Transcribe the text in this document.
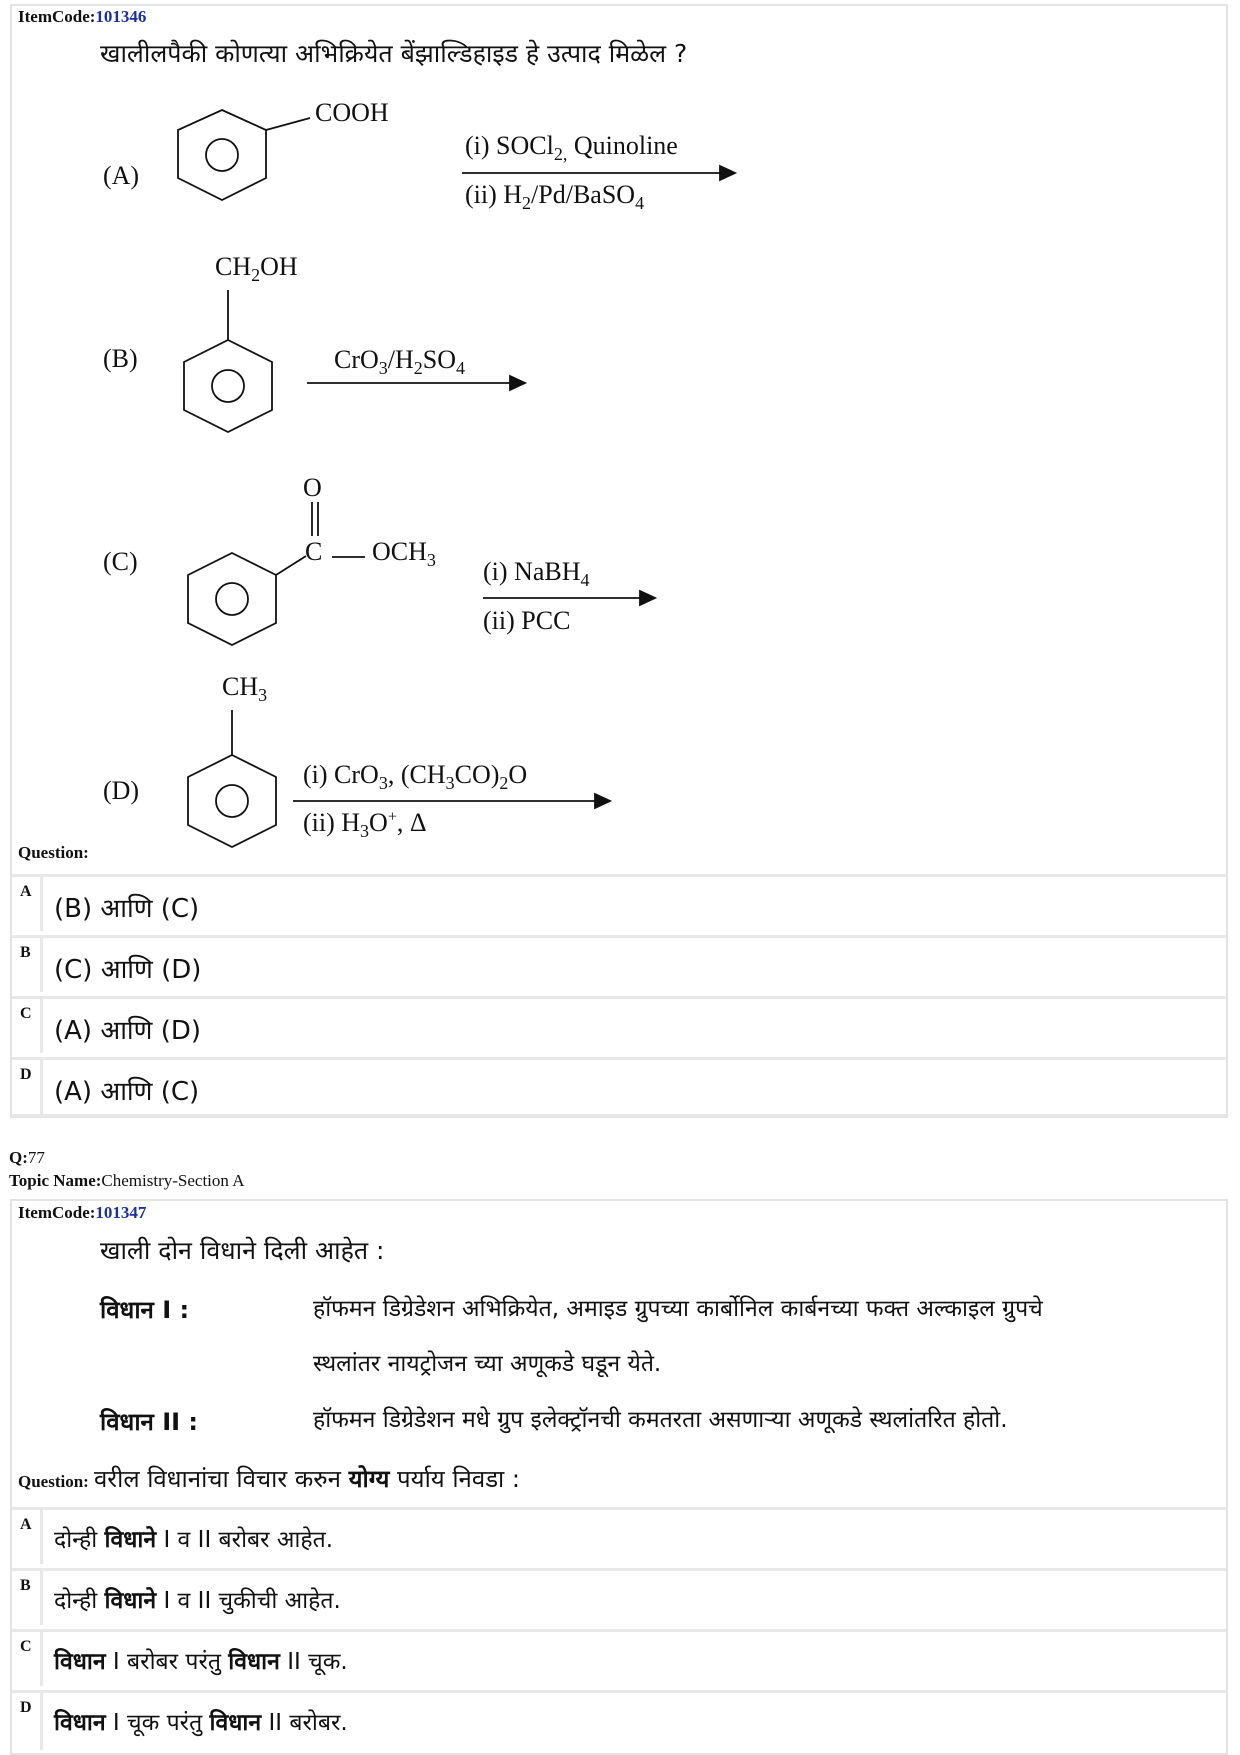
ItemCode:101346
खालीलपैकी कोणत्या अभिक्रियेत बेंझाल्डिहाइड हे उत्पाद मिळेल ?
(A)
COOH
(i) SOCl$_{2,}$ Quinoline
(ii) $H_2/Pd/BaSO_4$
(B)
$CH_2OH$
$CrO_3/H_2SO_4$
(C)
O
C $OCH_3$ (i) NaBH$_4$
(ii) PCC
(D)
$CH_3$
(i) CrO$_3$, $(CH_3CO)_2O$
(ii) $H_3O^+$, Δ
Question:
A
(B) आणि (C)
B
(C) आणि (D)
C
(A) आणि (D)
D
(A) आणि (C)
Q:77
Topic Name:Chemistry-Section A
ItemCode:101347
खाली दोन विधाने दिली आहेत :
विधान I :	हॉफमन डिग्रेडेशन अभिक्रियेत, अमाइड ग्रुपच्या कार्बोनिल कार्बनच्या फक्त अल्काइल ग्रुपचे
स्थलांतर नायट्रोजन च्या अणूकडे घडून येते.
विधान II :	हॉफमन डिग्रेडेशन मधे ग्रुप इलेक्ट्रॉनची कमतरता असणाऱ्या अणूकडे स्थलांतरित होतो.
Question: वरील विधानांचा विचार करुन योग्य पर्याय निवडा :
A
दोन्ही विधाने I व II बरोबर आहेत.
B
दोन्ही विधाने I व II चुकीची आहेत.
C
विधान I बरोबर परंतु विधान II चूक.
D
विधान I चूक परंतु विधान II बरोबर.
